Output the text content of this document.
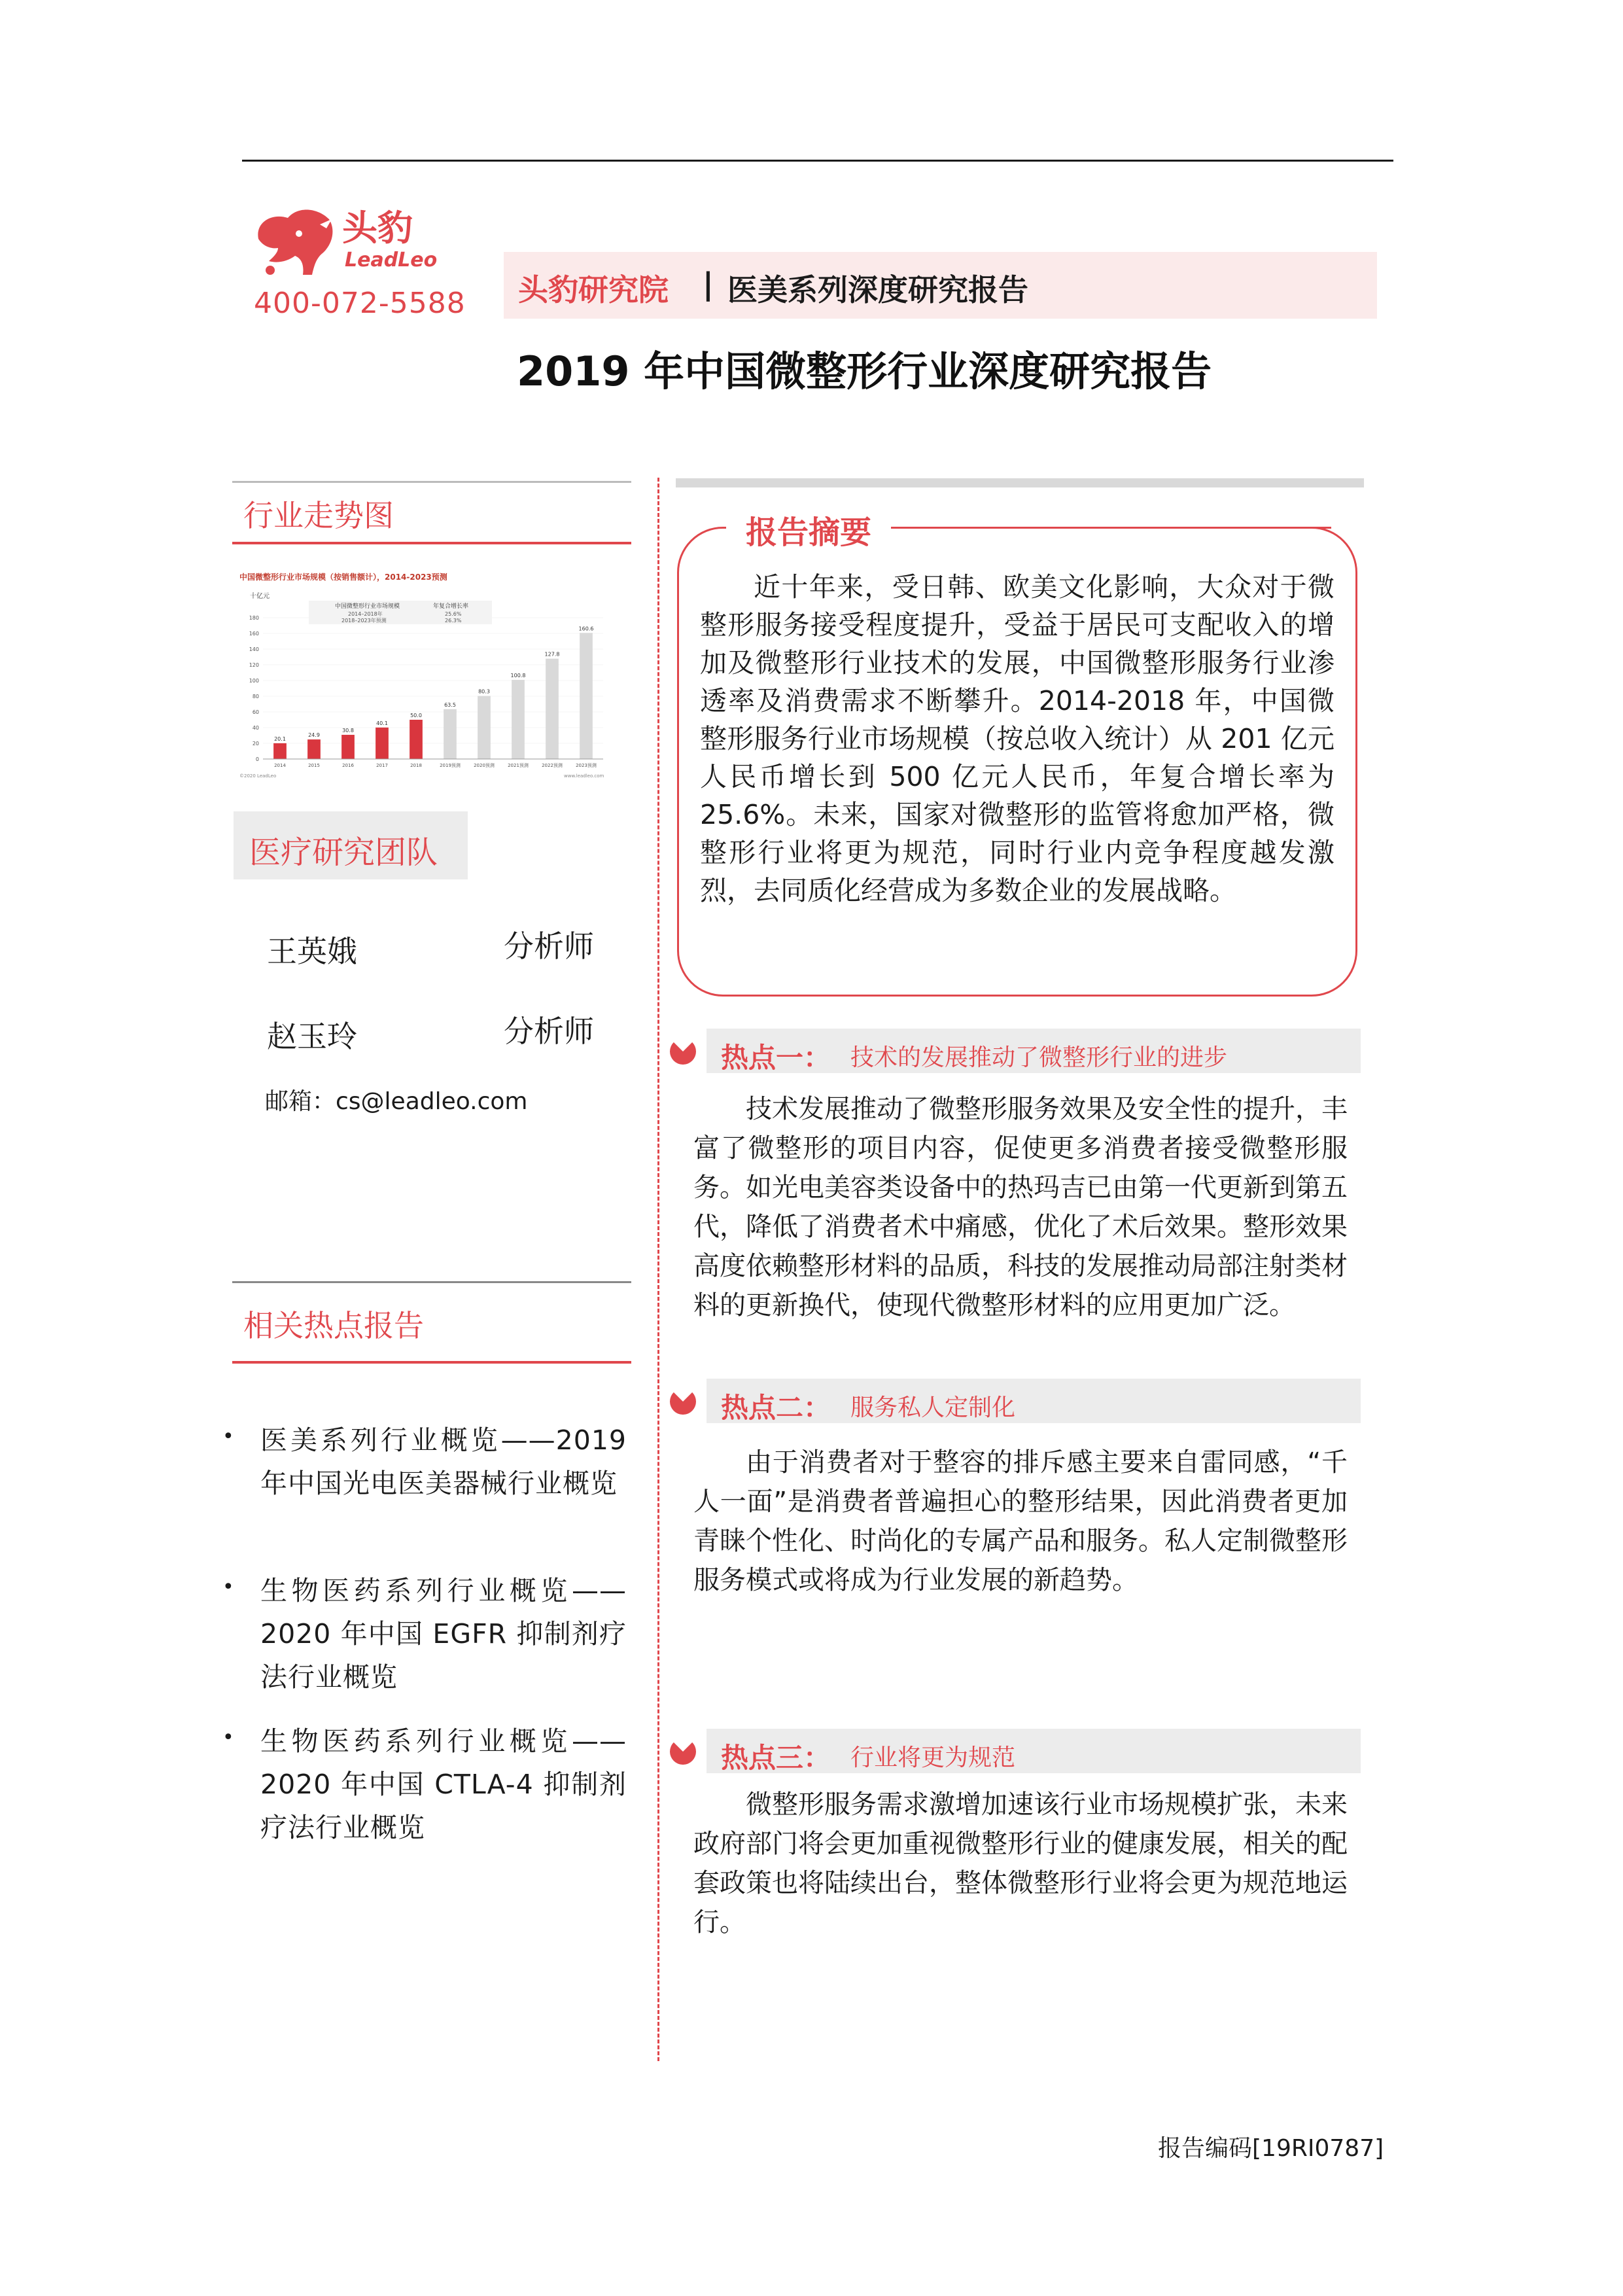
头豹
LeadLeo
400-072-5588 头豹研究院 | 医美系列深度研究报告
2019 年中国微整形行业深度研究报告
行业走势图
中国微整形行业市场规模（按销售额计），2014-2023预测
十亿元
0
20
40
60
80
100
120
140
160
180
中国微整形行业市场规模	年复合增长率
2014–2018年	25.6%
2018–2023年预测	26.3%
20.1
2014
24.9
2015
30.8
2016
40.1
2017
50.0
2018
63.5
2019预测
80.3
2020预测
100.8
2021预测
127.8
2022预测
160.6
2023预测
©2020 LeadLeo	www.leadleo.com
医疗研究团队
王英娥	分析师
赵玉玲	分析师
邮箱：cs@leadleo.com
相关热点报告
• 医美系列行业概览——2019 年中国光电医美器械行业概览
• 生物医药系列行业概览——2020 年中国 EGFR 抑制剂疗法行业概览
• 生物医药系列行业概览——2020 年中国 CTLA-4 抑制剂疗法行业概览
报告摘要
近十年来，受日韩、欧美文化影响，大众对于微整形服务接受程度提升，受益于居民可支配收入的增加及微整形行业技术的发展，中国微整形服务行业渗透率及消费需求不断攀升。2014-2018 年，中国微整形服务行业市场规模（按总收入统计）从 201 亿元人民币增长到 500 亿元人民币，年复合增长率为 25.6%。未来，国家对微整形的监管将愈加严格，微整形行业将更为规范，同时行业内竞争程度越发激烈，去同质化经营成为多数企业的发展战略。
热点一： 技术的发展推动了微整形行业的进步
技术发展推动了微整形服务效果及安全性的提升，丰富了微整形的项目内容，促使更多消费者接受微整形服务。如光电美容类设备中的热玛吉已由第一代更新到第五代，降低了消费者术中痛感，优化了术后效果。整形效果高度依赖整形材料的品质，科技的发展推动局部注射类材料的更新换代，使现代微整形材料的应用更加广泛。
热点二： 服务私人定制化
由于消费者对于整容的排斥感主要来自雷同感，“千人一面”是消费者普遍担心的整形结果，因此消费者更加青睐个性化、时尚化的专属产品和服务。私人定制微整形服务模式或将成为行业发展的新趋势。
热点三： 行业将更为规范
微整形服务需求激增加速该行业市场规模扩张，未来政府部门将会更加重视微整形行业的健康发展，相关的配套政策也将陆续出台，整体微整形行业将会更为规范地运行。
报告编码[19RI0787]
